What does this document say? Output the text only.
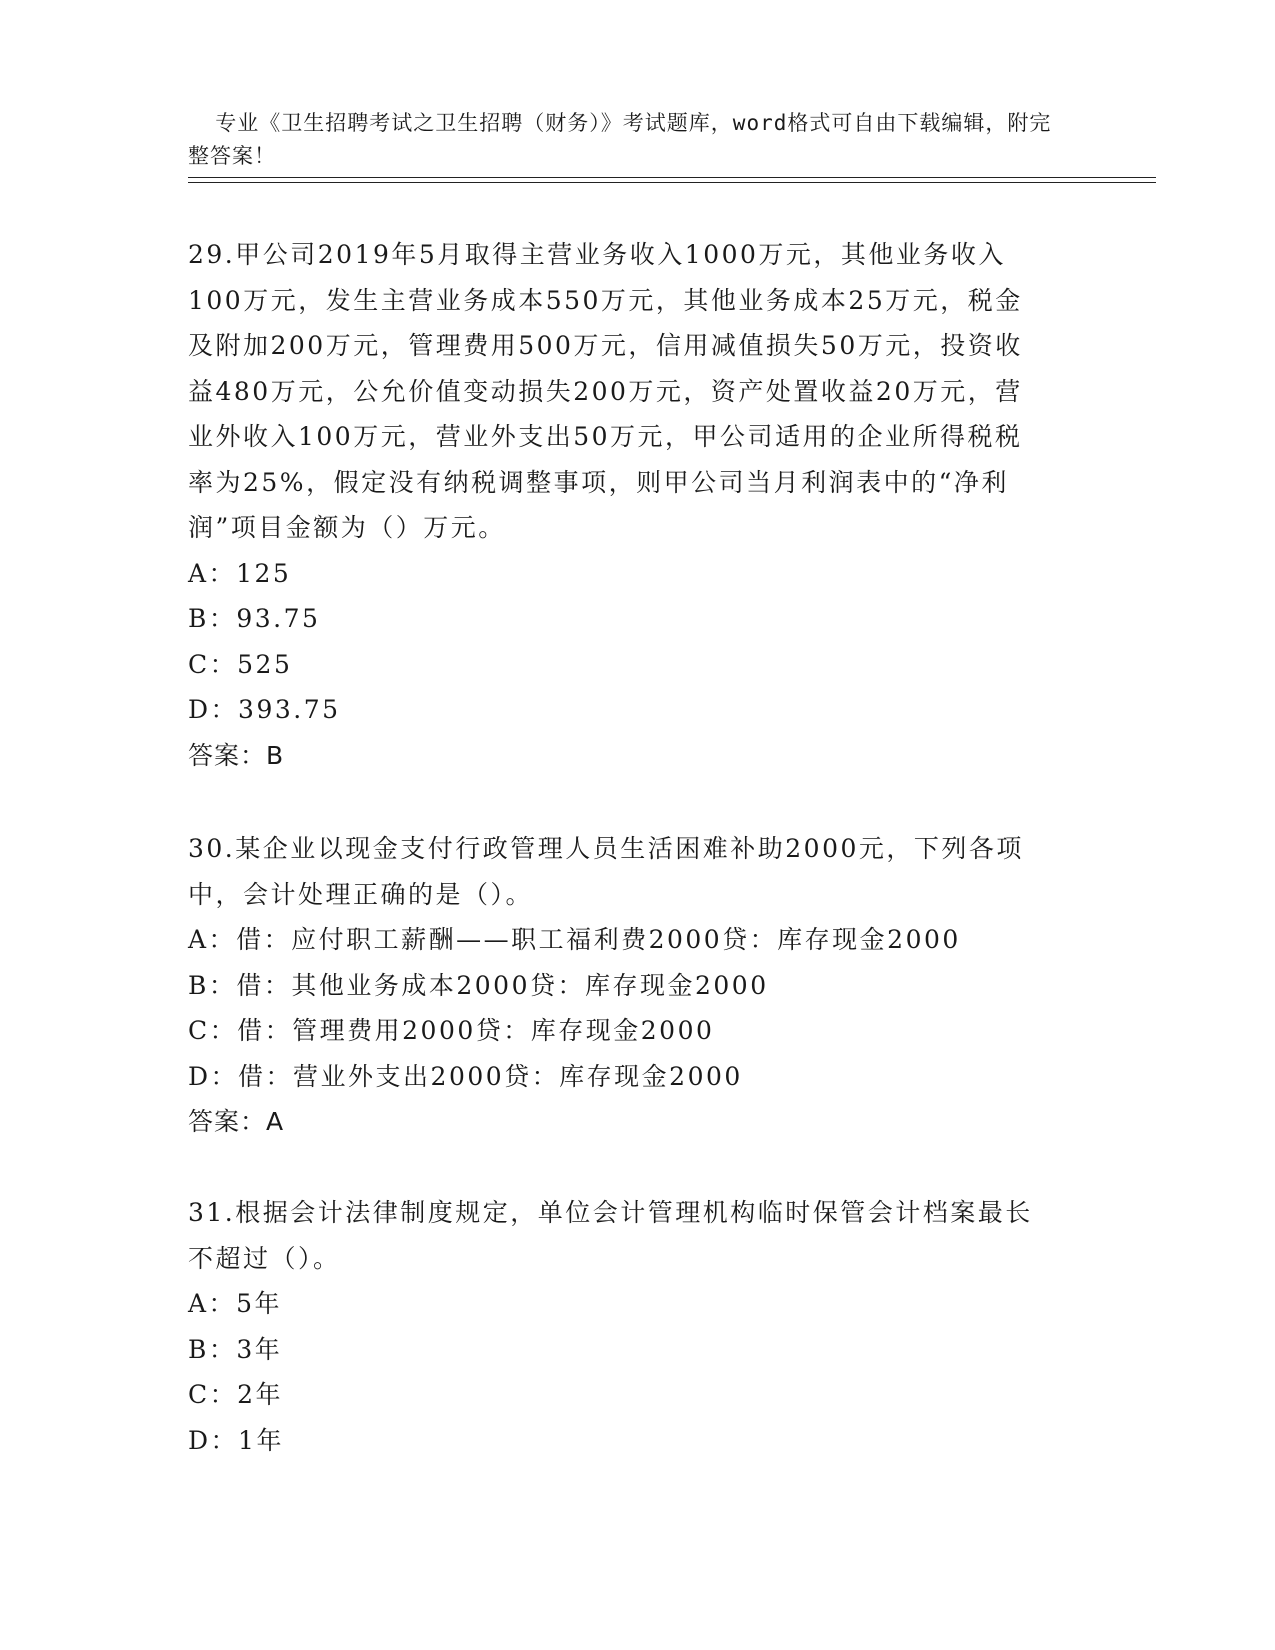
专业《卫生招聘考试之卫生招聘（财务）》考试题库，word格式可自由下载编辑，附完整答案！

29.甲公司2019年5月取得主营业务收入1000万元，其他业务收入

100万元，发生主营业务成本550万元，其他业务成本25万元，税金

及附加200万元，管理费用500万元，信用减值损失50万元，投资收

益480万元，公允价值变动损失200万元，资产处置收益20万元，营

业外收入100万元，营业外支出50万元，甲公司适用的企业所得税税

率为25%，假定没有纳税调整事项，则甲公司当月利润表中的“净利

润”项目金额为（）万元。

A： 125

B： 93.75

C： 525

D： 393.75

答案：B

30.某企业以现金支付行政管理人员生活困难补助2000元，下列各项

中，会计处理正确的是（）。

A： 借：应付职工薪酬——职工福利费2000贷：库存现金2000

B： 借：其他业务成本2000贷：库存现金2000

C： 借：管理费用2000贷：库存现金2000

D： 借：营业外支出2000贷：库存现金2000

答案：A

31.根据会计法律制度规定，单位会计管理机构临时保管会计档案最长

不超过（）。

A： 5年

B： 3年

C： 2年

D： 1年
